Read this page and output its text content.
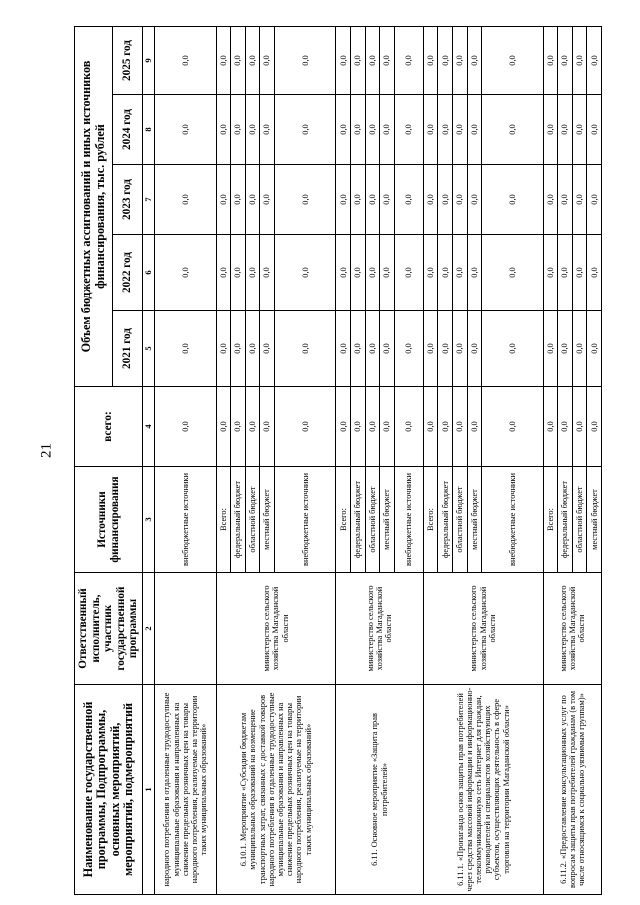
21
Наименование государственной программы, Подпрограммы, основных мероприятий, мероприятий, подмероприятий	Ответственный исполнитель, участник государственной программы	Источники финансирования	всего:	Объем бюджетных ассигнований и иных источников финансирования, тыс. рублей				
				2021 год	2022 год	2023 год	2024 год	2025 год
1	2	3	4	5	6	7	8	9
народного потребления в отдаленные трудодоступные муниципальные образования и направленных на снижение предельных розничных цен на товары народного потребления, реализуемые на территории таких муниципальных образований»		внебюджетные источники	0,0	0,0	0,0	0,0	0,0	0,0
6.10.1. Мероприятие «Субсидии бюджетам муниципальных образований на возмещение транспортных затрат, связанных с доставкой товаров народного потребления в отдаленные трудодоступные муниципальные образования и направленных на снижение предельных розничных цен на товары народного потребления, реализуемые на территории таких муниципальных образований»	министерство сельского хозяйства Магаданской области	Всего:	0,0	0,0	0,0	0,0	0,0	0,0
		федеральный бюджет	0,0	0,0	0,0	0,0	0,0	0,0
		областной бюджет	0,0	0,0	0,0	0,0	0,0	0,0
		местный бюджет	0,0	0,0	0,0	0,0	0,0	0,0
		внебюджетные источники	0,0	0,0	0,0	0,0	0,0	0,0
6.11. Основное мероприятие «Защита прав потребителей»	министерство сельского хозяйства Магаданской области	Всего:	0,0	0,0	0,0	0,0	0,0	0,0
		федеральный бюджет	0,0	0,0	0,0	0,0	0,0	0,0
		областной бюджет	0,0	0,0	0,0	0,0	0,0	0,0
		местный бюджет	0,0	0,0	0,0	0,0	0,0	0,0
		внебюджетные источники	0,0	0,0	0,0	0,0	0,0	0,0
6.11.1. «Пропаганда основ защиты прав потребителей через средства массовой информации и информационно-телекоммуникационную сеть Интернет для граждан, руководителей и специалистов хозяйствующих субъектов, осуществляющих деятельность в сфере торговли на территории Магаданской области»	министерство сельского хозяйства Магаданской области	Всего:	0,0	0,0	0,0	0,0	0,0	0,0
		федеральный бюджет	0,0	0,0	0,0	0,0	0,0	0,0
		областной бюджет	0,0	0,0	0,0	0,0	0,0	0,0
		местный бюджет	0,0	0,0	0,0	0,0	0,0	0,0
		внебюджетные источники	0,0	0,0	0,0	0,0	0,0	0,0
6.11.2. «Предоставление консультационных услуг по вопросам защиты прав потребителей гражданам (в том числе относящимся к социально уязвимым группам)»	министерство сельского хозяйства Магаданской области	Всего:	0,0	0,0	0,0	0,0	0,0	0,0
		федеральный бюджет	0,0	0,0	0,0	0,0	0,0	0,0
		областной бюджет	0,0	0,0	0,0	0,0	0,0	0,0
		местный бюджет	0,0	0,0	0,0	0,0	0,0	0,0
